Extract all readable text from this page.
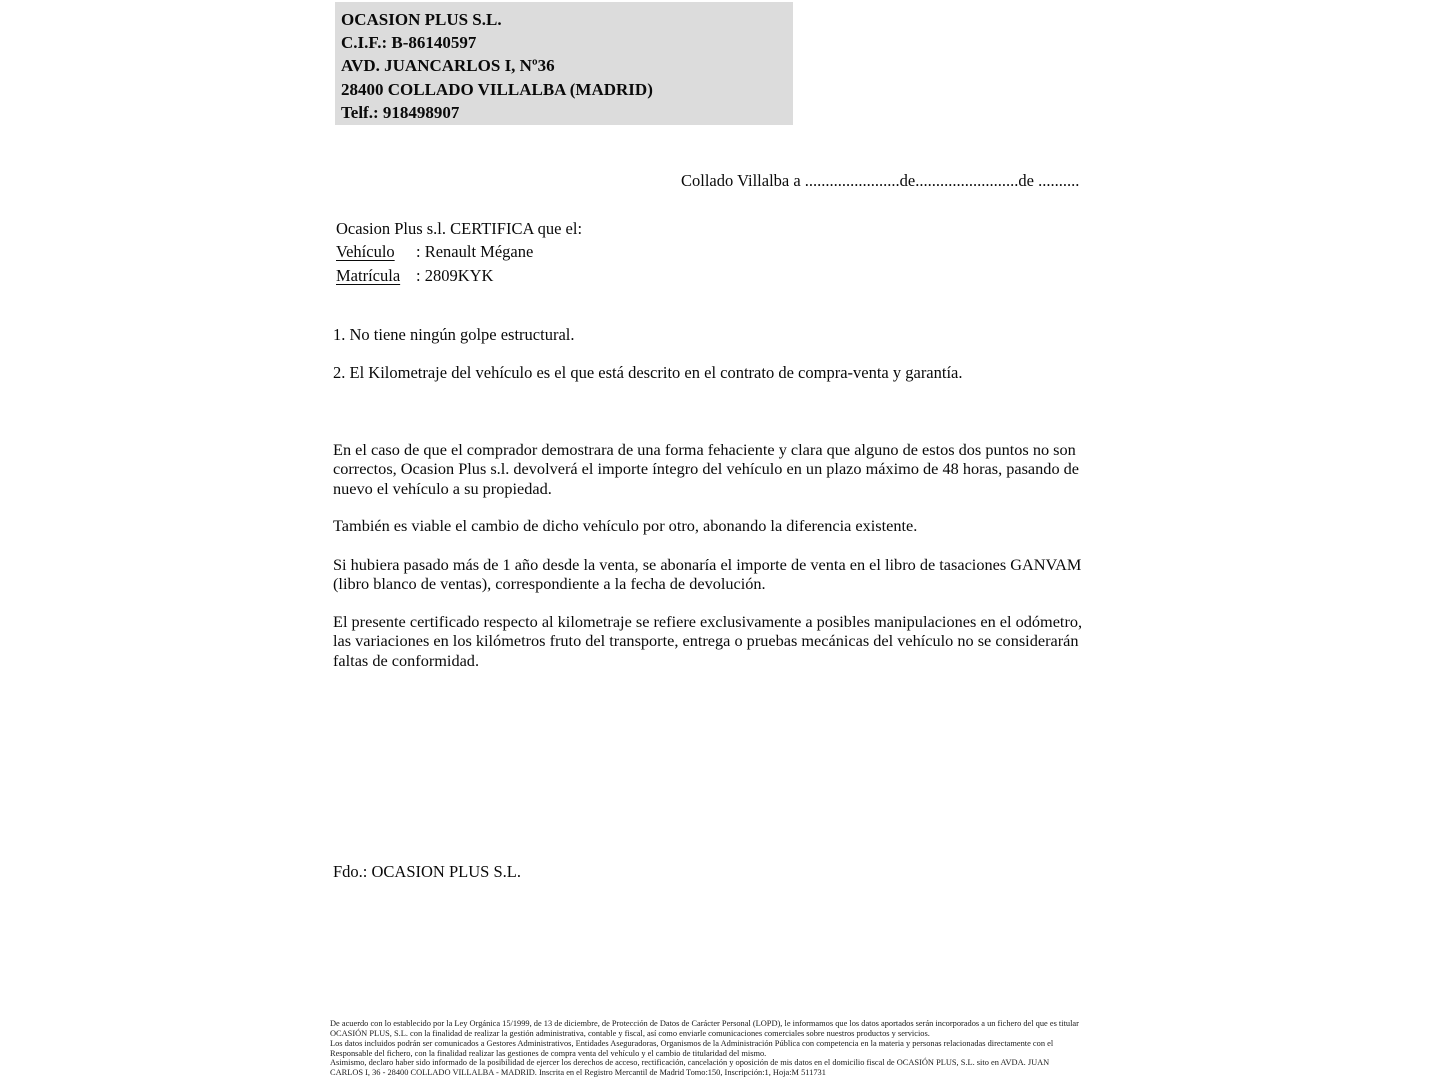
OCASION PLUS S.L.
C.I.F.: B-86140597
AVD. JUANCARLOS I, Nº36
28400 COLLADO VILLALBA (MADRID)
Telf.: 918498907
Collado Villalba a .......................de.........................de ..........
Ocasion Plus s.l. CERTIFICA que el:
Vehículo : Renault Mégane
Matrícula : 2809KYK
1. No tiene ningún golpe estructural.
2. El Kilometraje del vehículo es el que está descrito en el contrato de compra-venta y garantía.
En el caso de que el comprador demostrara de una forma fehaciente y clara que alguno de estos dos puntos no son correctos, Ocasion Plus s.l. devolverá el importe íntegro del vehículo en un plazo máximo de 48 horas, pasando de nuevo el vehículo a su propiedad.
También es viable el cambio de dicho vehículo por otro, abonando la diferencia existente.
Si hubiera pasado más de 1 año desde la venta, se abonaría el importe de venta en el libro de tasaciones GANVAM (libro blanco de ventas), correspondiente a la fecha de devolución.
El presente certificado respecto al kilometraje se refiere exclusivamente a posibles manipulaciones en el odómetro, las variaciones en los kilómetros fruto del transporte, entrega o pruebas mecánicas del vehículo no se considerarán faltas de conformidad.
Fdo.: OCASION PLUS S.L.
De acuerdo con lo establecido por la Ley Orgánica 15/1999, de 13 de diciembre, de Protección de Datos de Carácter Personal (LOPD), le informamos que los datos aportados serán incorporados a un fichero del que es titular
OCASIÓN PLUS, S.L. con la finalidad de realizar la gestión administrativa, contable y fiscal, así como enviarle comunicaciones comerciales sobre nuestros productos y servicios.
Los datos incluidos podrán ser comunicados a Gestores Administrativos, Entidades Aseguradoras, Organismos de la Administración Pública con competencia en la materia y personas relacionadas directamente con el
Responsable del fichero, con la finalidad realizar las gestiones de compra venta del vehículo y el cambio de titularidad del mismo.
Asimismo, declaro haber sido informado de la posibilidad de ejercer los derechos de acceso, rectificación, cancelación y oposición de mis datos en el domicilio fiscal de OCASIÓN PLUS, S.L. sito en AVDA. JUAN
CARLOS I, 36 - 28400 COLLADO VILLALBA - MADRID. Inscrita en el Registro Mercantil de Madrid Tomo:150, Inscripción:1, Hoja:M 511731
